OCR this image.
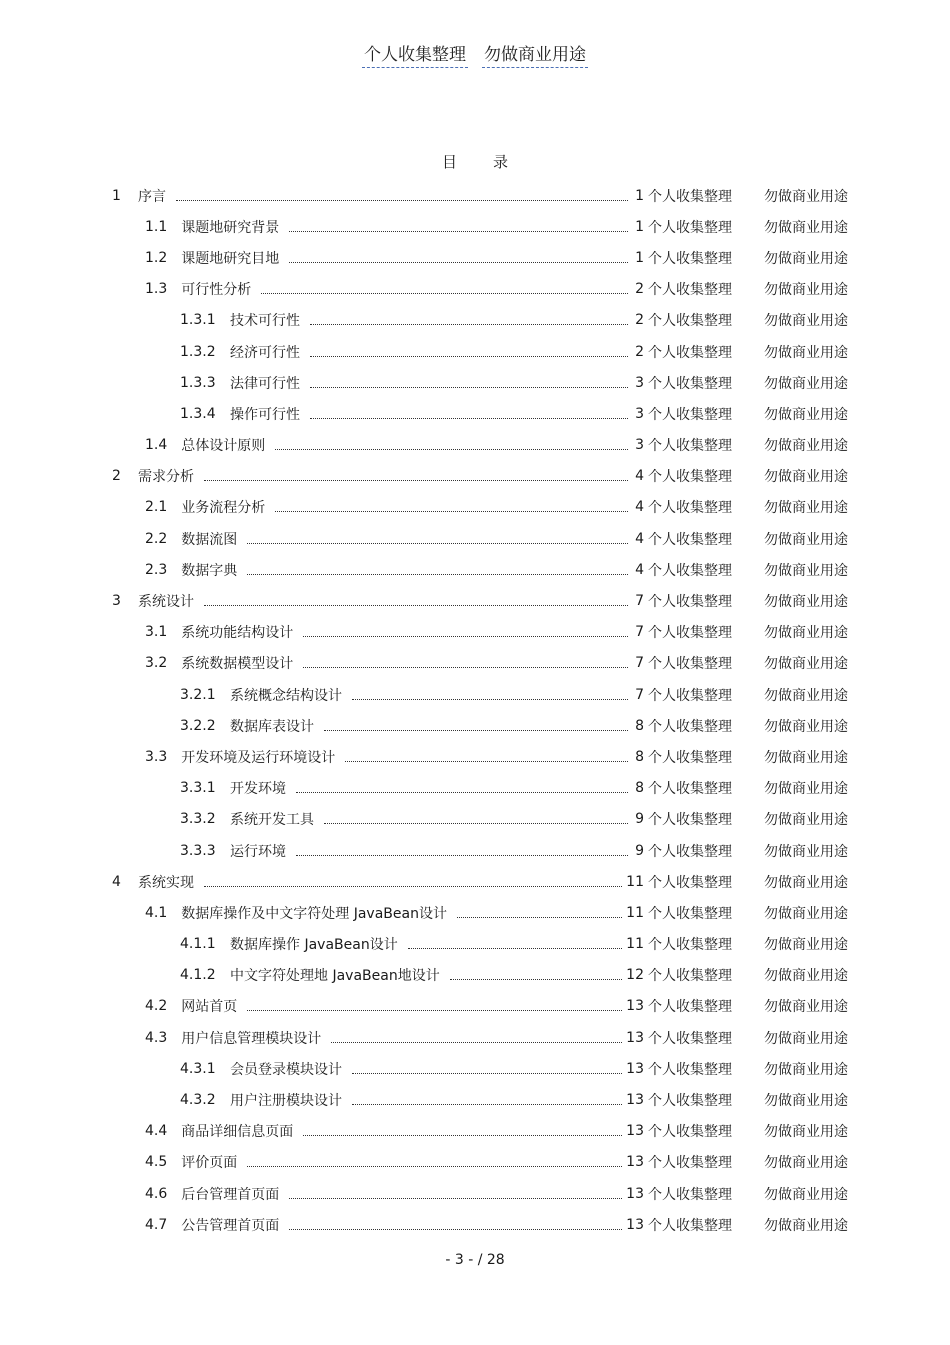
个人收集整理 勿做商业用途
目录
1	序言	1 个人收集整理	勿做商业用途
1.1 课题地研究背景	1 个人收集整理	勿做商业用途
1.2 课题地研究目地	1 个人收集整理	勿做商业用途
1.3 可行性分析	2 个人收集整理	勿做商业用途
1.3.1	技术可行性	2 个人收集整理	勿做商业用途
1.3.2	经济可行性	2 个人收集整理	勿做商业用途
1.3.3	法律可行性	3 个人收集整理	勿做商业用途
1.3.4	操作可行性	3 个人收集整理	勿做商业用途
1.4 总体设计原则	3 个人收集整理	勿做商业用途
2	需求分析	4 个人收集整理	勿做商业用途
2.1 业务流程分析	4 个人收集整理	勿做商业用途
2.2 数据流图	4 个人收集整理	勿做商业用途
2.3 数据字典	4 个人收集整理	勿做商业用途
3	系统设计	7 个人收集整理	勿做商业用途
3.1 系统功能结构设计	7 个人收集整理	勿做商业用途
3.2 系统数据模型设计	7 个人收集整理	勿做商业用途
3.2.1	系统概念结构设计	7 个人收集整理	勿做商业用途
3.2.2	数据库表设计	8 个人收集整理	勿做商业用途
3.3 开发环境及运行环境设计	8 个人收集整理	勿做商业用途
3.3.1	开发环境	8 个人收集整理	勿做商业用途
3.3.2	系统开发工具	9 个人收集整理	勿做商业用途
3.3.3	运行环境	9 个人收集整理	勿做商业用途
4	系统实现	11 个人收集整理	勿做商业用途
4.1 数据库操作及中文字符处理 JavaBean设计	11 个人收集整理	勿做商业用途
4.1.1	数据库操作 JavaBean设计	11 个人收集整理	勿做商业用途
4.1.2	中文字符处理地 JavaBean地设计	12 个人收集整理	勿做商业用途
4.2 网站首页	13 个人收集整理	勿做商业用途
4.3 用户信息管理模块设计	13 个人收集整理	勿做商业用途
4.3.1	会员登录模块设计	13 个人收集整理	勿做商业用途
4.3.2	用户注册模块设计	13 个人收集整理	勿做商业用途
4.4 商品详细信息页面	13 个人收集整理	勿做商业用途
4.5 评价页面	13 个人收集整理	勿做商业用途
4.6 后台管理首页面	13 个人收集整理	勿做商业用途
4.7 公告管理首页面	13 个人收集整理	勿做商业用途
- 3 - / 28
